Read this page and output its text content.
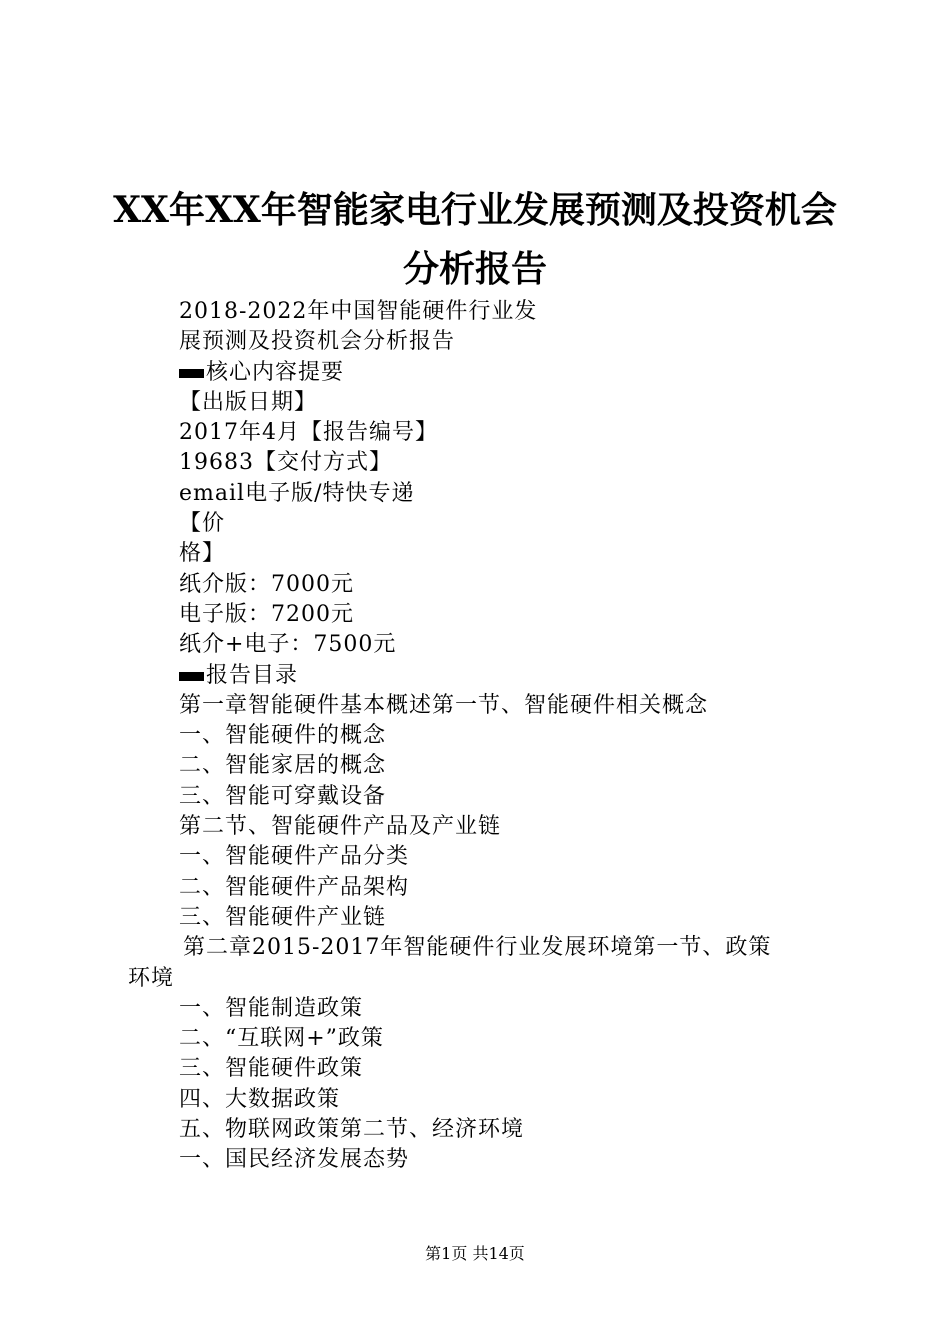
XX年XX年智能家电行业发展预测及投资机会
分析报告
2018-2022年中国智能硬件行业发
展预测及投资机会分析报告
核心内容提要
【出版日期】
2017年4月【报告编号】
19683【交付方式】
email电子版/特快专递
【价
格】
纸介版：7000元
电子版：7200元
纸介+电子：7500元
报告目录
第一章智能硬件基本概述第一节、智能硬件相关概念
一、智能硬件的概念
二、智能家居的概念
三、智能可穿戴设备
第二节、智能硬件产品及产业链
一、智能硬件产品分类
二、智能硬件产品架构
三、智能硬件产业链
第二章2015-2017年智能硬件行业发展环境第一节、政策
环境
一、智能制造政策
二、“互联网+”政策
三、智能硬件政策
四、大数据政策
五、物联网政策第二节、经济环境
一、国民经济发展态势
第1页 共14页
